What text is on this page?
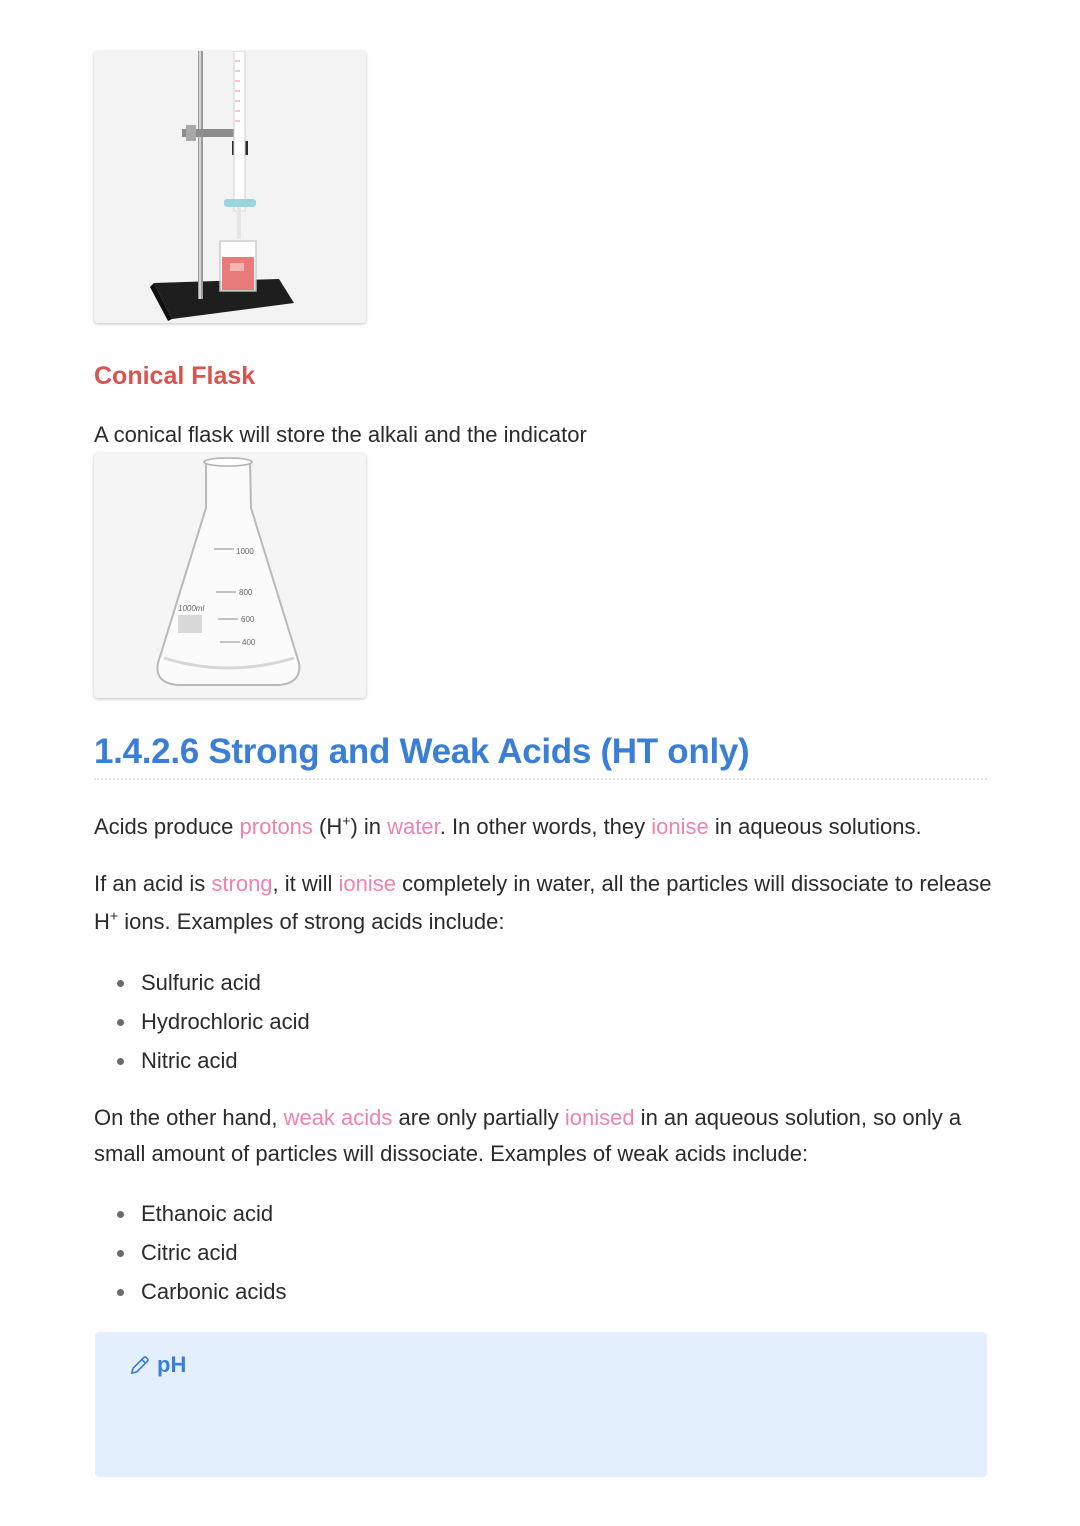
Conical Flask

A conical flask will store the alkali and the indicator

1000
800
600
400
1000ml
1.4.2.6 Strong and Weak Acids (HT only)

Acids produce protons (H+) in water. In other words, they ionise in aqueous solutions.

If an acid is strong, it will ionise completely in water, all the particles will dissociate to release H+ ions. Examples of strong acids include:

Sulfuric acid
Hydrochloric acid
Nitric acid

On the other hand, weak acids are only partially ionised in an aqueous solution, so only a small amount of particles will dissociate. Examples of weak acids include:

Ethanoic acid
Citric acid
Carbonic acids
pH
